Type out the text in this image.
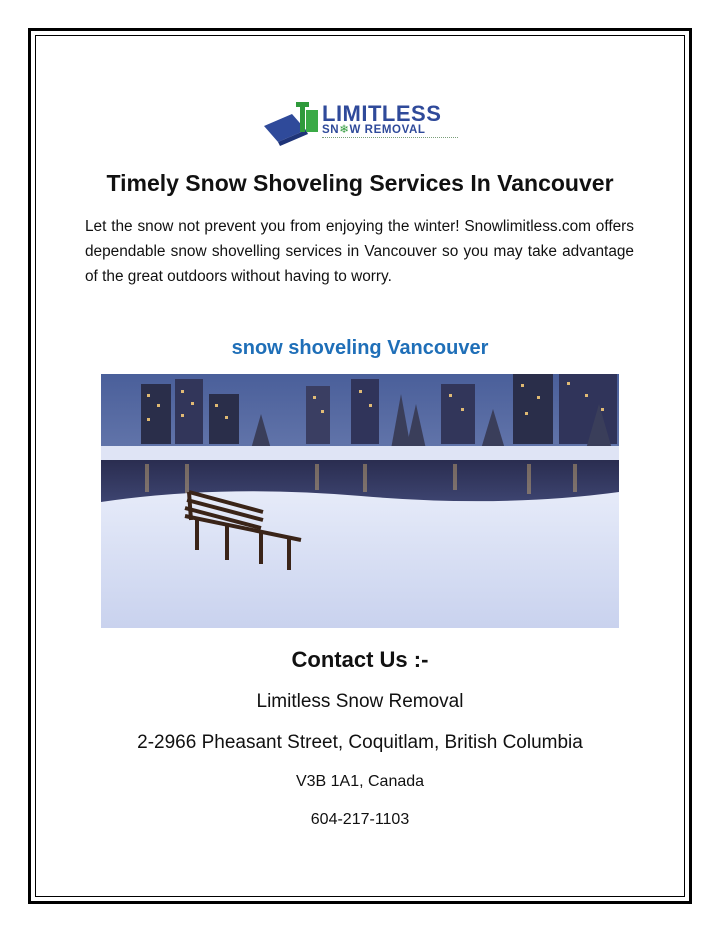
LIMITLESS
SN❄W REMOVAL
Timely Snow Shoveling Services In Vancouver
Let the snow not prevent you from enjoying the winter! Snowlimitless.com offers dependable snow shovelling services in Vancouver so you may take advantage of the great outdoors without having to worry.
snow shoveling Vancouver
Contact Us :-
Limitless Snow Removal
2-2966 Pheasant Street, Coquitlam, British Columbia
V3B 1A1, Canada
604-217-1103
